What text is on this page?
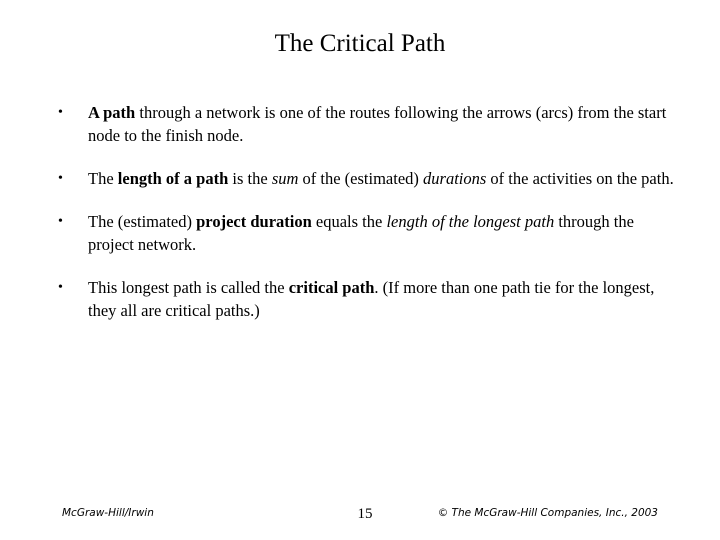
The Critical Path
•	A path through a network is one of the routes following the arrows (arcs) from the start node to the finish node.
•	The length of a path is the sum of the (estimated) durations of the activities on the path.
•	The (estimated) project duration equals the length of the longest path through the project network.
•	This longest path is called the critical path. (If more than one path tie for the longest, they all are critical paths.)
McGraw-Hill/Irwin	15	© The McGraw-Hill Companies, Inc., 2003
